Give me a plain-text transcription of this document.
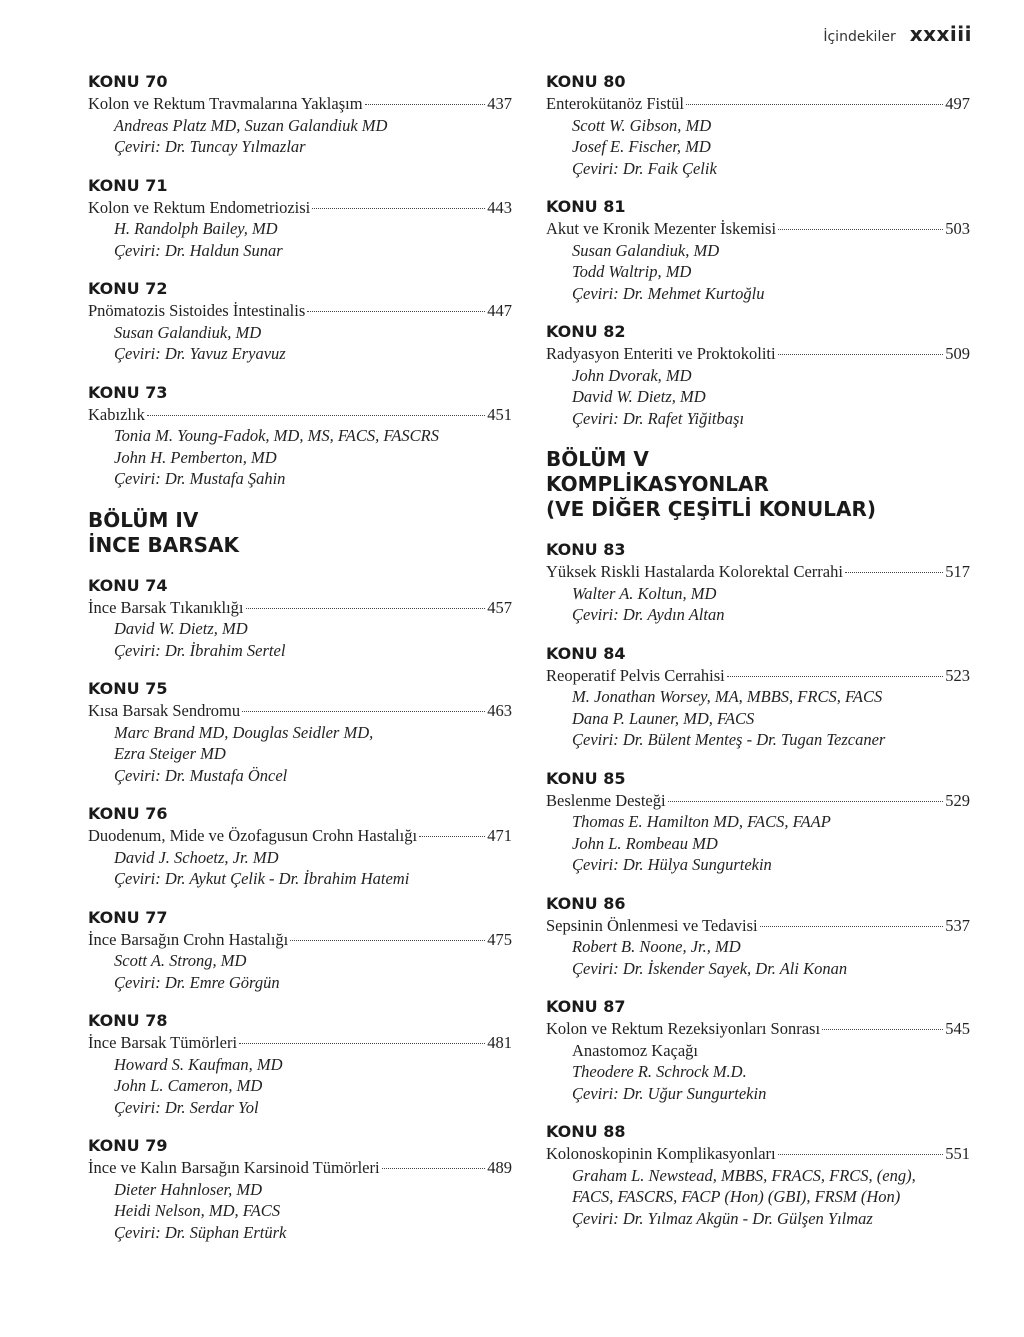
İçindekiler xxxiii
KONU 70
Kolon ve Rektum Travmalarına Yaklaşım	437
Andreas Platz MD, Suzan Galandiuk MD
Çeviri: Dr. Tuncay Yılmazlar
KONU 71
Kolon ve Rektum Endometriozisi	443
H. Randolph Bailey, MD
Çeviri: Dr. Haldun Sunar
KONU 72
Pnömatozis Sistoides İntestinalis	447
Susan Galandiuk, MD
Çeviri: Dr. Yavuz Eryavuz
KONU 73
Kabızlık	451
Tonia M. Young-Fadok, MD, MS, FACS, FASCRS
John H. Pemberton, MD
Çeviri: Dr. Mustafa Şahin
BÖLÜM IV
İNCE BARSAK
KONU 74
İnce Barsak Tıkanıklığı	457
David W. Dietz, MD
Çeviri: Dr. İbrahim Sertel
KONU 75
Kısa Barsak Sendromu	463
Marc Brand MD, Douglas Seidler MD,
Ezra Steiger MD
Çeviri: Dr. Mustafa Öncel
KONU 76
Duodenum, Mide ve Özofagusun Crohn Hastalığı	471
David J. Schoetz, Jr. MD
Çeviri: Dr. Aykut Çelik - Dr. İbrahim Hatemi
KONU 77
İnce Barsağın Crohn Hastalığı	475
Scott A. Strong, MD
Çeviri: Dr. Emre Görgün
KONU 78
İnce Barsak Tümörleri	481
Howard S. Kaufman, MD
John L. Cameron, MD
Çeviri: Dr. Serdar Yol
KONU 79
İnce ve Kalın Barsağın Karsinoid Tümörleri	489
Dieter Hahnloser, MD
Heidi Nelson, MD, FACS
Çeviri: Dr. Süphan Ertürk
KONU 80
Enterokütanöz Fistül	497
Scott W. Gibson, MD
Josef E. Fischer, MD
Çeviri: Dr. Faik Çelik
KONU 81
Akut ve Kronik Mezenter İskemisi	503
Susan Galandiuk, MD
Todd Waltrip, MD
Çeviri: Dr. Mehmet Kurtoğlu
KONU 82
Radyasyon Enteriti ve Proktokoliti	509
John Dvorak, MD
David W. Dietz, MD
Çeviri: Dr. Rafet Yiğitbaşı
BÖLÜM V
KOMPLİKASYONLAR
(VE DİĞER ÇEŞİTLİ KONULAR)
KONU 83
Yüksek Riskli Hastalarda Kolorektal Cerrahi	517
Walter A. Koltun, MD
Çeviri: Dr. Aydın Altan
KONU 84
Reoperatif Pelvis Cerrahisi	523
M. Jonathan Worsey, MA, MBBS, FRCS, FACS
Dana P. Launer, MD, FACS
Çeviri: Dr. Bülent Menteş - Dr. Tugan Tezcaner
KONU 85
Beslenme Desteği	529
Thomas E. Hamilton MD, FACS, FAAP
John L. Rombeau MD
Çeviri: Dr. Hülya Sungurtekin
KONU 86
Sepsinin Önlenmesi ve Tedavisi	537
Robert B. Noone, Jr., MD
Çeviri: Dr. İskender Sayek, Dr. Ali Konan
KONU 87
Kolon ve Rektum Rezeksiyonları Sonrası	545
Anastomoz Kaçağı
Theodere R. Schrock M.D.
Çeviri: Dr. Uğur Sungurtekin
KONU 88
Kolonoskopinin Komplikasyonları	551
Graham L. Newstead, MBBS, FRACS, FRCS, (eng),
FACS, FASCRS, FACP (Hon) (GBI), FRSM (Hon)
Çeviri: Dr. Yılmaz Akgün - Dr. Gülşen Yılmaz
